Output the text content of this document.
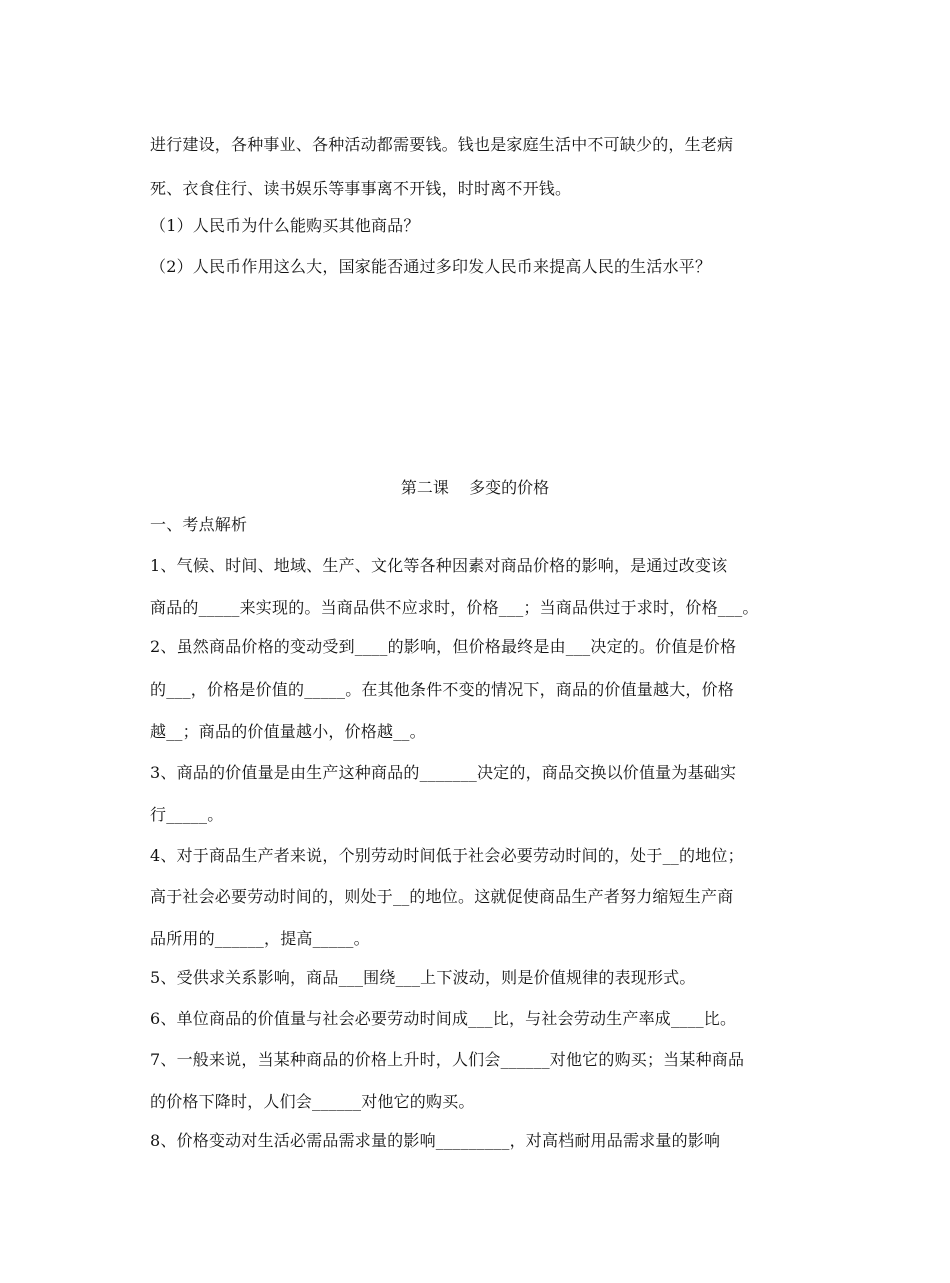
进行建设，各种事业、各种活动都需要钱。钱也是家庭生活中不可缺少的，生老病
死、衣食住行、读书娱乐等事事离不开钱，时时离不开钱。
（1）人民币为什么能购买其他商品？
（2）人民币作用这么大，国家能否通过多印发人民币来提高人民的生活水平？
第二课    多变的价格
一、考点解析
1、气候、时间、地域、生产、文化等各种因素对商品价格的影响，是通过改变该
商品的_____来实现的。当商品供不应求时，价格___；当商品供过于求时，价格___。
2、虽然商品价格的变动受到____的影响，但价格最终是由___决定的。价值是价格
的___，价格是价值的_____。在其他条件不变的情况下，商品的价值量越大，价格
越__；商品的价值量越小，价格越__。
3、商品的价值量是由生产这种商品的_______决定的，商品交换以价值量为基础实
行_____。
4、对于商品生产者来说，个别劳动时间低于社会必要劳动时间的，处于__的地位；
高于社会必要劳动时间的，则处于__的地位。这就促使商品生产者努力缩短生产商
品所用的______，提高_____。
5、受供求关系影响，商品___围绕___上下波动，则是价值规律的表现形式。
6、单位商品的价值量与社会必要劳动时间成___比，与社会劳动生产率成____比。
7、一般来说，当某种商品的价格上升时，人们会______对他它的购买；当某种商品
的价格下降时，人们会______对他它的购买。
8、价格变动对生活必需品需求量的影响_________，对高档耐用品需求量的影响
